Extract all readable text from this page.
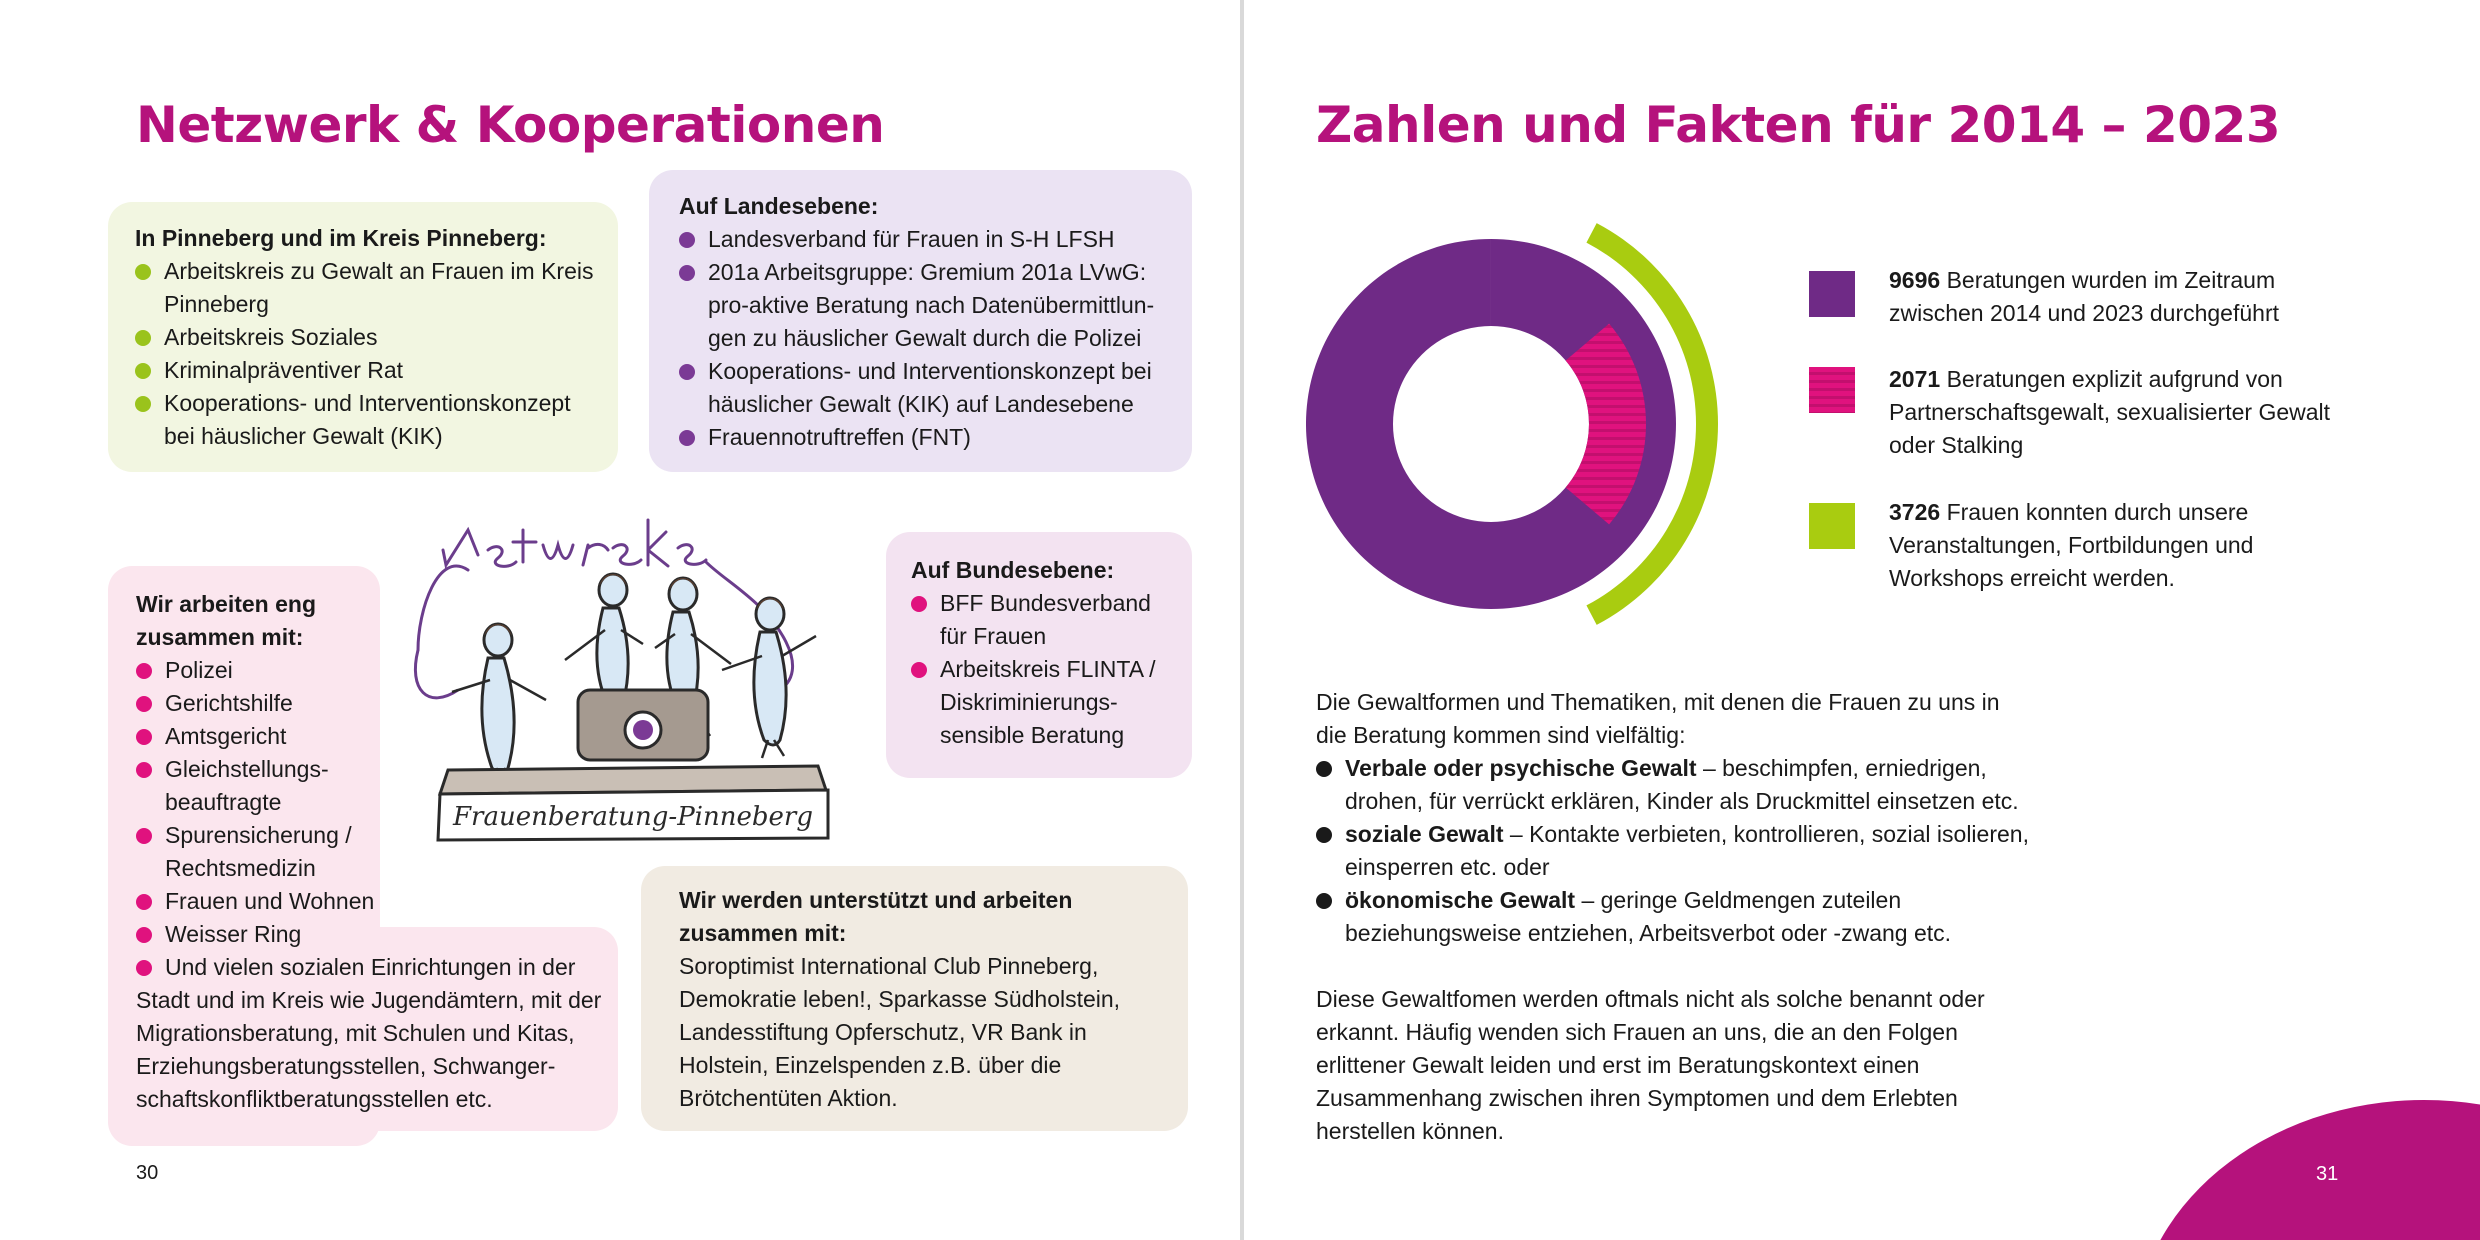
Netzwerk & Kooperationen

In Pinneberg und im Kreis Pinneberg:

Arbeitskreis zu Gewalt an Frauen im Kreis Pinneberg
Arbeitskreis Soziales
Kriminalpräventiver Rat
Kooperations- und Interventionskonzept bei häuslicher Gewalt (KIK)

Auf Landesebene:

Landesverband für Frauen in S-H LFSH
201a Arbeitsgruppe: Gremium 201a LVwG: pro-aktive Beratung nach Datenübermittlun-gen zu häuslicher Gewalt durch die Polizei
Kooperations- und Interventionskonzept bei häuslicher Gewalt (KIK) auf Landesebene
Frauennotruftreffen (FNT)

Wir arbeiten eng zusammen mit:

Polizei
Gerichtshilfe
Amtsgericht
Gleichstellungs-beauftragte
Spurensicherung / Rechtsmedizin
Frauen und Wohnen
Weisser Ring
Und vielen sozialen Einrichtungen in der

Stadt und im Kreis wie Jugendämtern, mit der Migrationsberatung, mit Schulen und Kitas, Erziehungsberatungsstellen, Schwanger-schaftskonfliktberatungsstellen etc.

Frauenberatung-Pinneberg

Auf Bundesebene:

BFF Bundesverband für Frauen
Arbeitskreis FLINTA / Diskriminierungs-sensible Beratung

Wir werden unterstützt und arbeiten zusammen mit:

Soroptimist International Club Pinneberg, Demokratie leben!, Sparkasse Südholstein, Landesstiftung Opferschutz, VR Bank in Holstein, Einzelspenden z.B. über die Brötchentüten Aktion.

30
Zahlen und Fakten für 2014 – 2023
9696 Beratungen wurden im Zeitraum zwischen 2014 und 2023 durchgeführt
2071 Beratungen explizit aufgrund von Partnerschaftsgewalt, sexualisierter Gewalt oder Stalking
3726 Frauen konnten durch unsere Veranstaltungen, Fortbildungen und Workshops erreicht werden.

Die Gewaltformen und Thematiken, mit denen die Frauen zu uns in die Beratung kommen sind vielfältig:

Verbale oder psychische Gewalt – beschimpfen, erniedrigen, drohen, für verrückt erklären, Kinder als Druckmittel einsetzen etc.
soziale Gewalt – Kontakte verbieten, kontrollieren, sozial isolieren, einsperren etc. oder
ökonomische Gewalt – geringe Geldmengen zuteilen beziehungsweise entziehen, Arbeitsverbot oder -zwang etc.

Diese Gewaltfomen werden oftmals nicht als solche benannt oder erkannt. Häufig wenden sich Frauen an uns, die an den Folgen erlittener Gewalt leiden und erst im Beratungskontext einen Zusammenhang zwischen ihren Symptomen und dem Erlebten herstellen können.

31
